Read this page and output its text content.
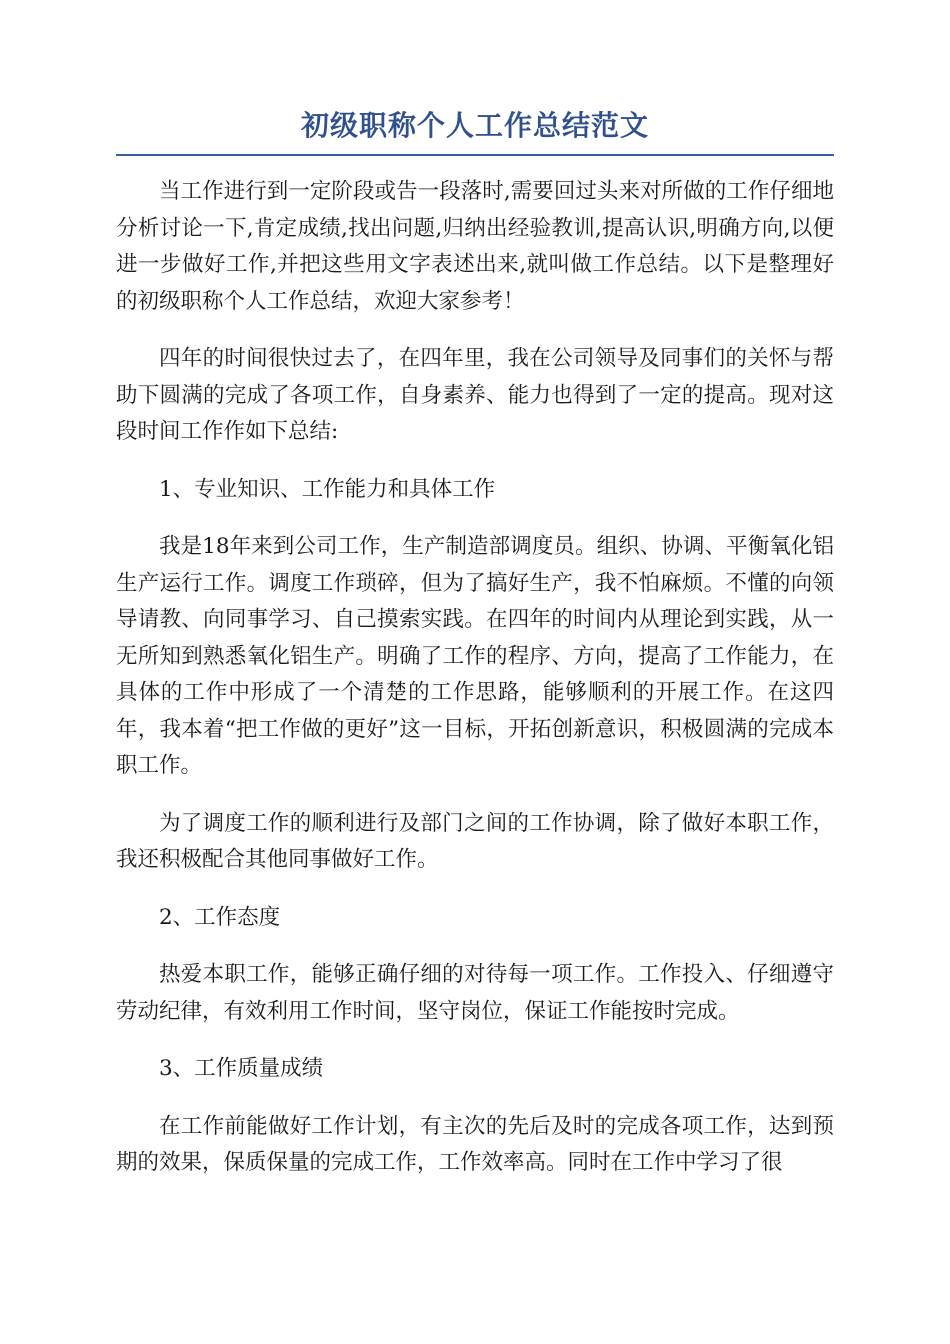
初级职称个人工作总结范文

当工作进行到一定阶段或告一段落时,需要回过头来对所做的工作仔细地分析讨论一下,肯定成绩,找出问题,归纳出经验教训,提高认识,明确方向,以便进一步做好工作,并把这些用文字表述出来,就叫做工作总结。以下是整理好的初级职称个人工作总结，欢迎大家参考！

四年的时间很快过去了，在四年里，我在公司领导及同事们的关怀与帮助下圆满的完成了各项工作，自身素养、能力也得到了一定的提高。现对这段时间工作作如下总结:

1、专业知识、工作能力和具体工作

我是18年来到公司工作，生产制造部调度员。组织、协调、平衡氧化铝生产运行工作。调度工作琐碎，但为了搞好生产，我不怕麻烦。不懂的向领导请教、向同事学习、自己摸索实践。在四年的时间内从理论到实践，从一无所知到熟悉氧化铝生产。明确了工作的程序、方向，提高了工作能力，在具体的工作中形成了一个清楚的工作思路，能够顺利的开展工作。在这四年，我本着“把工作做的更好”这一目标，开拓创新意识，积极圆满的完成本职工作。

为了调度工作的顺利进行及部门之间的工作协调，除了做好本职工作，我还积极配合其他同事做好工作。

2、工作态度

热爱本职工作，能够正确仔细的对待每一项工作。工作投入、仔细遵守劳动纪律，有效利用工作时间，坚守岗位，保证工作能按时完成。

3、工作质量成绩

在工作前能做好工作计划，有主次的先后及时的完成各项工作，达到预期的效果，保质保量的完成工作，工作效率高。同时在工作中学习了很
